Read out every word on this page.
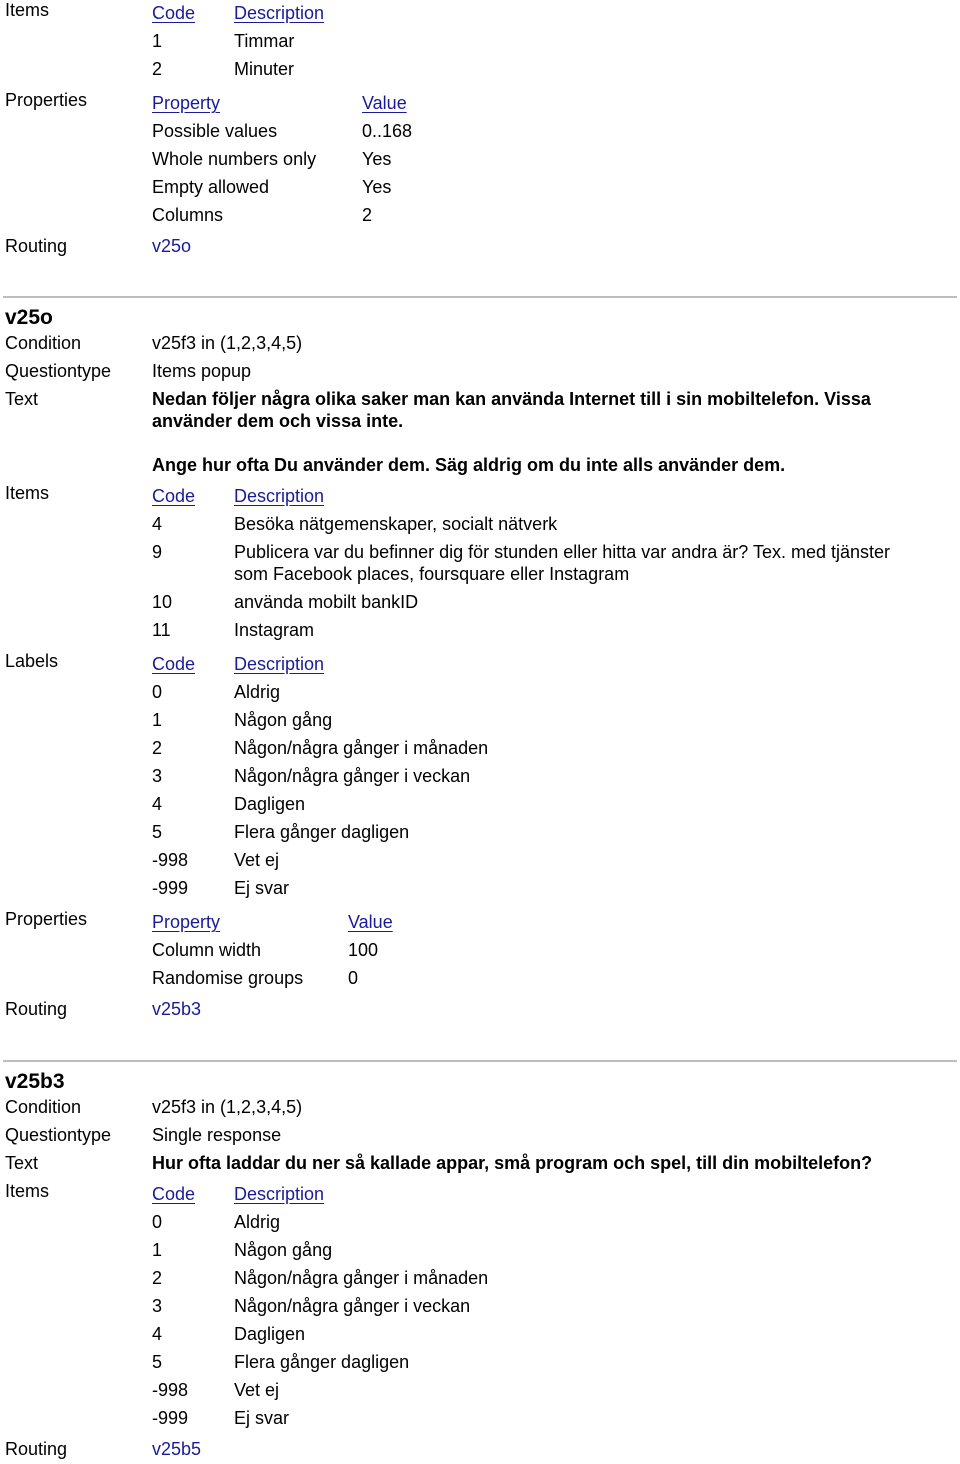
Items	Code Description
1	Timmar
2	Minuter
Properties	Property	Value
Possible values	0..168
Whole numbers only	Yes
Empty allowed	Yes
Columns	2
Routing	v25o
v25o
Condition	v25f3 in (1,2,3,4,5)
Questiontype Items popup
Text	Nedan följer några olika saker man kan använda Internet till i sin mobiltelefon. Vissa använder dem och vissa inte.
Ange hur ofta Du använder dem. Säg aldrig om du inte alls använder dem.
Items	Code Description
4	Besöka nätgemenskaper, socialt nätverk
9	Publicera var du befinner dig för stunden eller hitta var andra är? Tex. med tjänster som Facebook places, foursquare eller Instagram
10	använda mobilt bankID
11	Instagram
Labels	Code Description
0	Aldrig
1	Någon gång
2	Någon/några gånger i månaden
3	Någon/några gånger i veckan
4	Dagligen
5	Flera gånger dagligen
-998	Vet ej
-999	Ej svar
Properties	Property	Value
Column width	100
Randomise groups 0
Routing	v25b3
v25b3
Condition	v25f3 in (1,2,3,4,5)
Questiontype Single response
Text	Hur ofta laddar du ner så kallade appar, små program och spel, till din mobiltelefon?
Items	Code Description
0	Aldrig
1	Någon gång
2	Någon/några gånger i månaden
3	Någon/några gånger i veckan
4	Dagligen
5	Flera gånger dagligen
-998	Vet ej
-999	Ej svar
Routing	v25b5
